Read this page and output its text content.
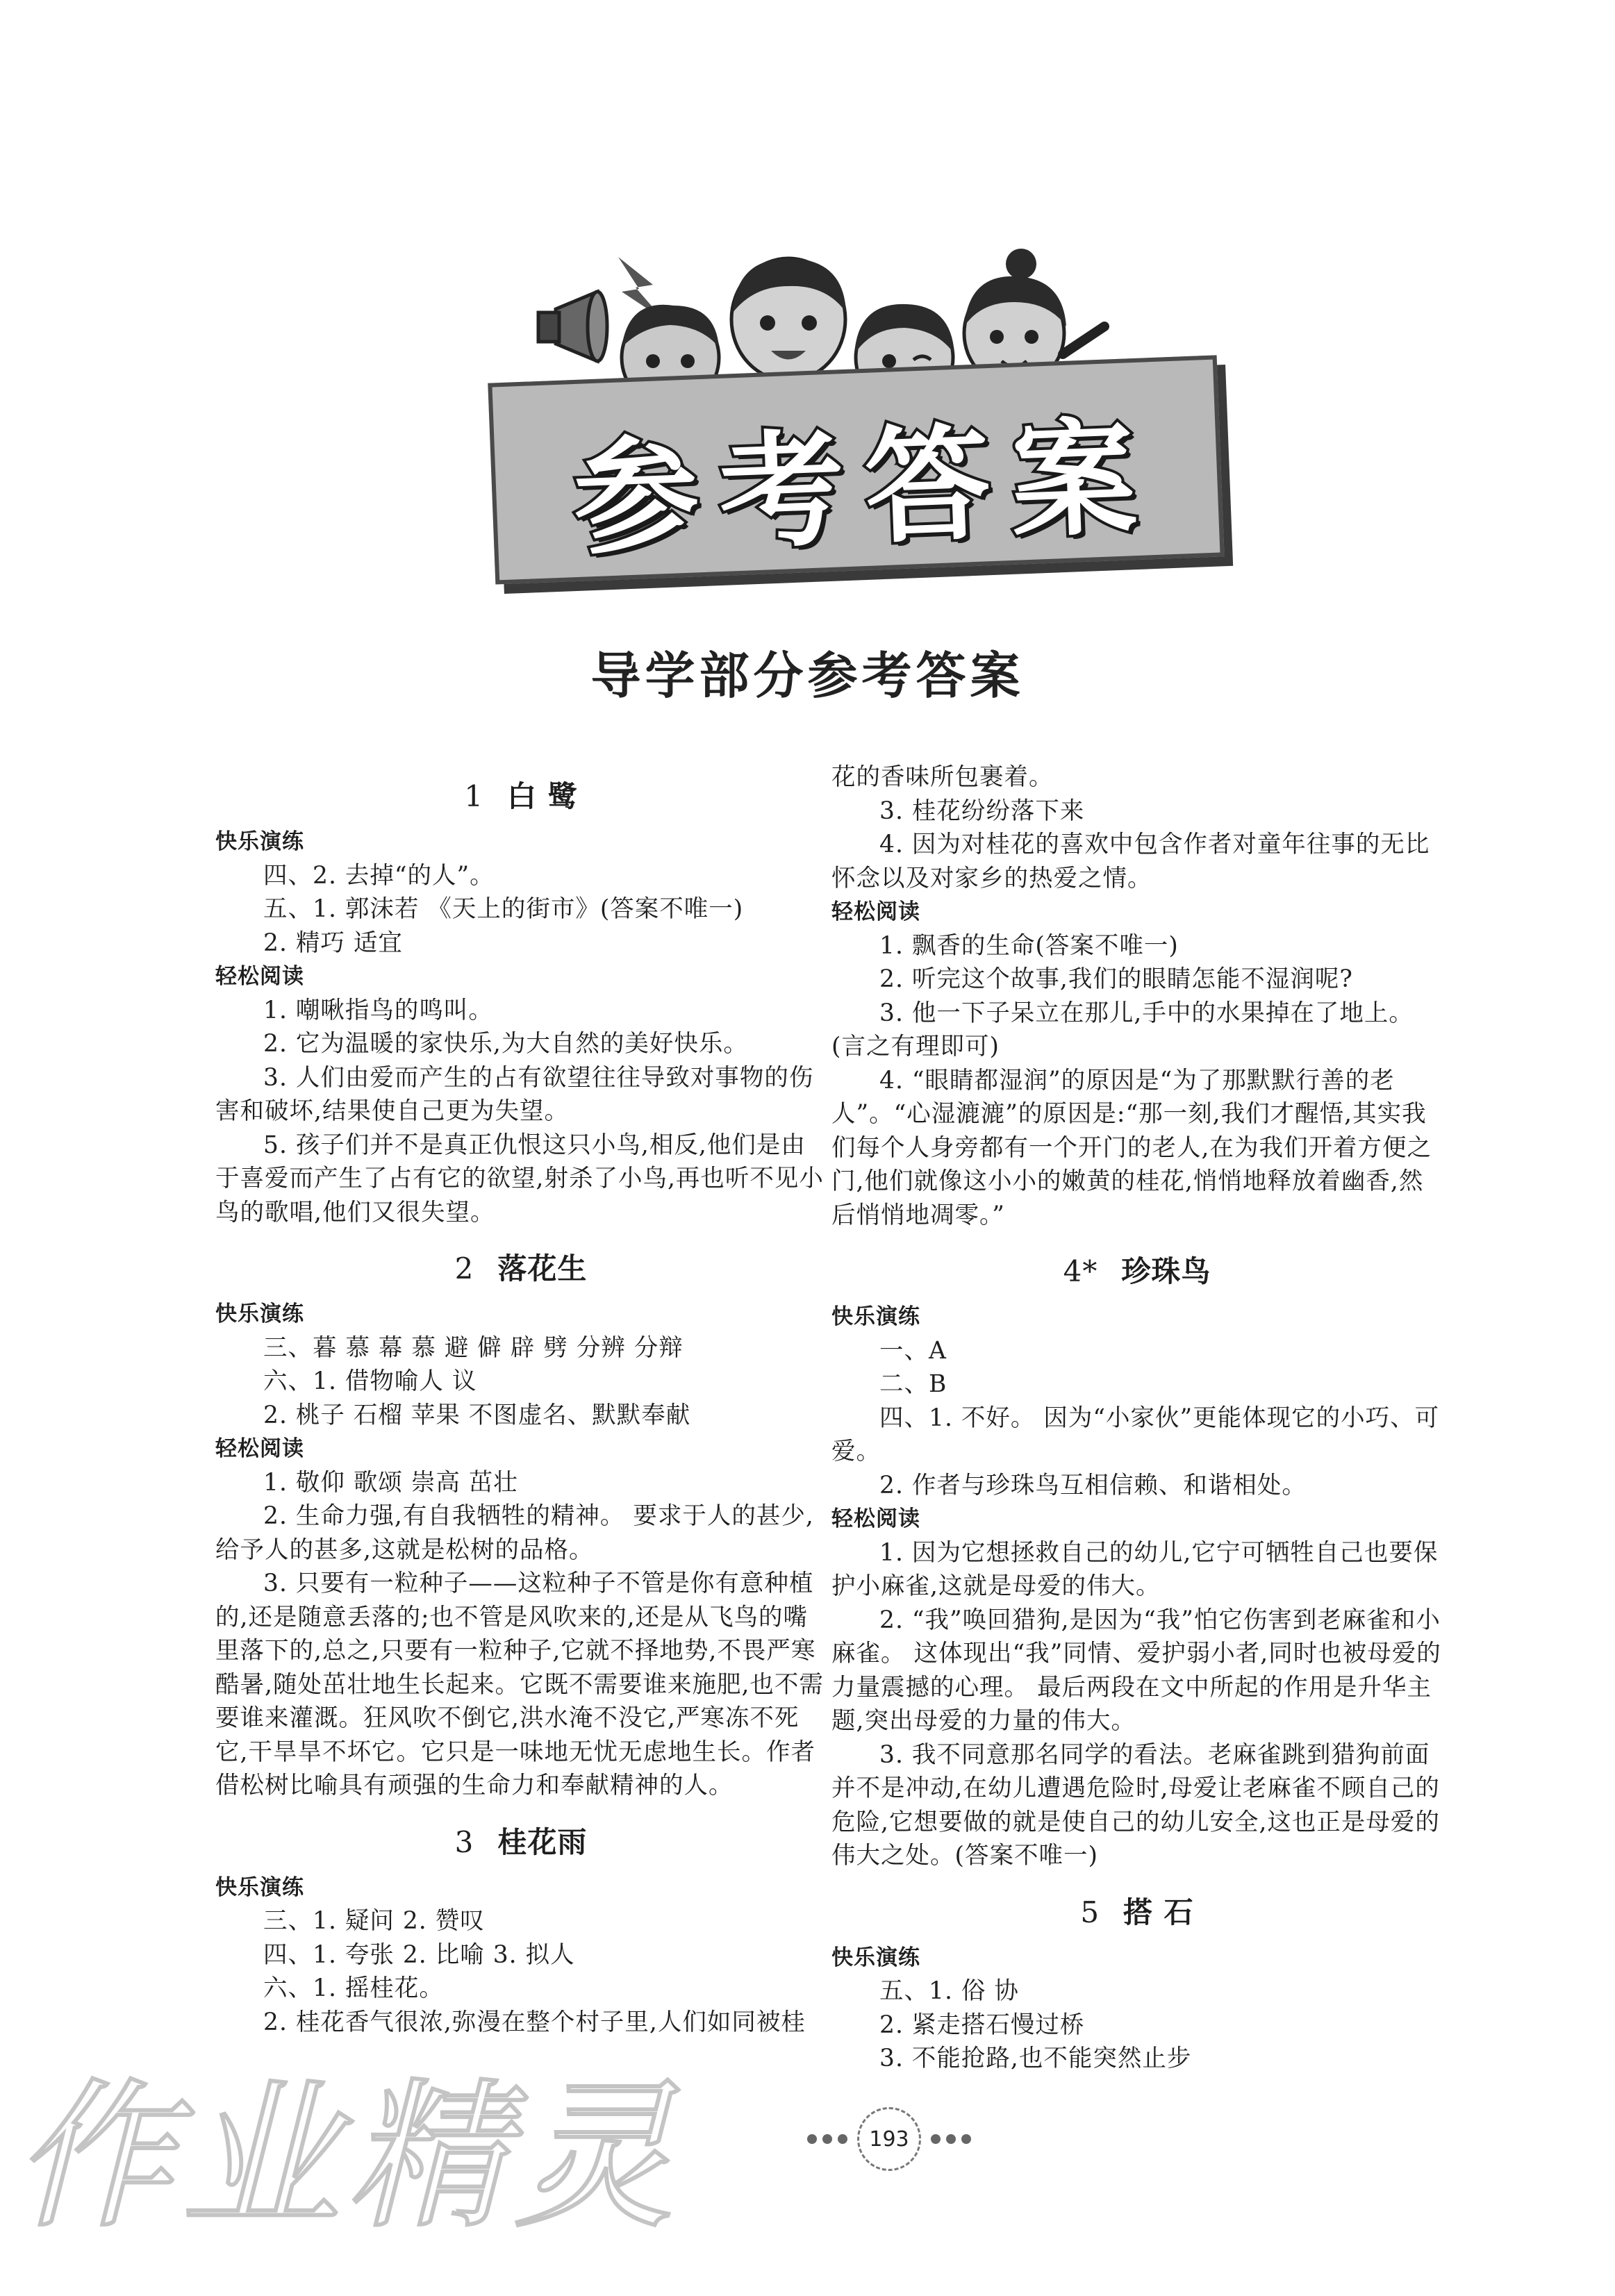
参考答案
导学部分参考答案

1 白 鹭

快乐演练

四、2. 去掉“的人”。

五、1. 郭沫若 《天上的街市》(答案不唯一)

2. 精巧 适宜

轻松阅读

1. 嘲啾指鸟的鸣叫。

2. 它为温暖的家快乐,为大自然的美好快乐。

3. 人们由爱而产生的占有欲望往往导致对事物的伤害和破坏,结果使自己更为失望。

5. 孩子们并不是真正仇恨这只小鸟,相反,他们是由于喜爱而产生了占有它的欲望,射杀了小鸟,再也听不见小鸟的歌唱,他们又很失望。

2 落花生

快乐演练

三、暮 慕 幕 慕 避 僻 辟 劈 分辨 分辩

六、1. 借物喻人 议

2. 桃子 石榴 苹果 不图虚名、默默奉献

轻松阅读

1. 敬仰 歌颂 崇高 茁壮

2. 生命力强,有自我牺牲的精神。 要求于人的甚少,给予人的甚多,这就是松树的品格。

3. 只要有一粒种子——这粒种子不管是你有意种植的,还是随意丢落的;也不管是风吹来的,还是从飞鸟的嘴里落下的,总之,只要有一粒种子,它就不择地势,不畏严寒酷暑,随处茁壮地生长起来。它既不需要谁来施肥,也不需要谁来灌溉。狂风吹不倒它,洪水淹不没它,严寒冻不死它,干旱旱不坏它。它只是一味地无忧无虑地生长。作者借松树比喻具有顽强的生命力和奉献精神的人。

3 桂花雨

快乐演练

三、1. 疑问 2. 赞叹

四、1. 夸张 2. 比喻 3. 拟人

六、1. 摇桂花。

2. 桂花香气很浓,弥漫在整个村子里,人们如同被桂

花的香味所包裹着。

3. 桂花纷纷落下来

4. 因为对桂花的喜欢中包含作者对童年往事的无比怀念以及对家乡的热爱之情。

轻松阅读

1. 飘香的生命(答案不唯一)

2. 听完这个故事,我们的眼睛怎能不湿润呢?

3. 他一下子呆立在那儿,手中的水果掉在了地上。(言之有理即可)

4. “眼睛都湿润”的原因是“为了那默默行善的老人”。“心湿漉漉”的原因是:“那一刻,我们才醒悟,其实我们每个人身旁都有一个开门的老人,在为我们开着方便之门,他们就像这小小的嫩黄的桂花,悄悄地释放着幽香,然后悄悄地凋零。”

4* 珍珠鸟

快乐演练

一、A

二、B

四、1. 不好。 因为“小家伙”更能体现它的小巧、可爱。

2. 作者与珍珠鸟互相信赖、和谐相处。

轻松阅读

1. 因为它想拯救自己的幼儿,它宁可牺牲自己也要保护小麻雀,这就是母爱的伟大。

2. “我”唤回猎狗,是因为“我”怕它伤害到老麻雀和小麻雀。 这体现出“我”同情、爱护弱小者,同时也被母爱的力量震撼的心理。 最后两段在文中所起的作用是升华主题,突出母爱的力量的伟大。

3. 我不同意那名同学的看法。老麻雀跳到猎狗前面并不是冲动,在幼儿遭遇危险时,母爱让老麻雀不顾自己的危险,它想要做的就是使自己的幼儿安全,这也正是母爱的伟大之处。(答案不唯一)

5 搭 石

快乐演练

五、1. 俗 协

2. 紧走搭石慢过桥

3. 不能抢路,也不能突然止步

193
作业精灵
